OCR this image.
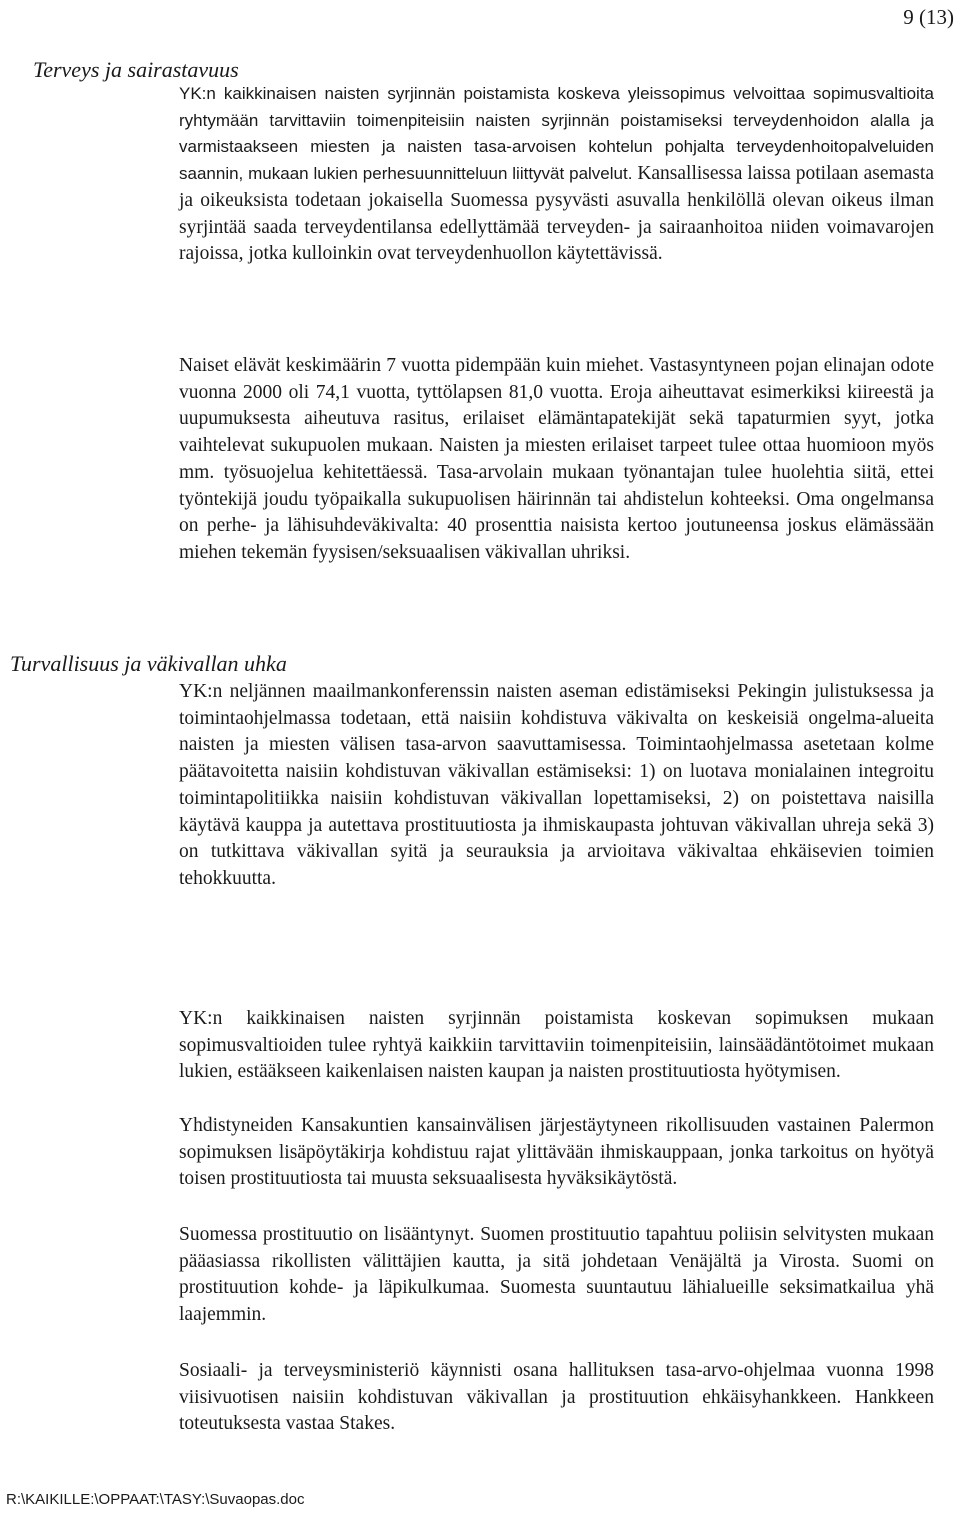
9 (13)
Terveys ja sairastavuus

YK:n kaikkinaisen naisten syrjinnän poistamista koskeva yleissopimus velvoittaa sopimusvaltioita ryhtymään tarvittaviin toimenpiteisiin naisten syrjinnän poistamiseksi terveydenhoidon alalla ja varmistaakseen miesten ja naisten tasa-arvoisen kohtelun pohjalta terveydenhoitopalveluiden saannin, mukaan lukien perhesuunnitteluun liittyvät palvelut. Kansallisessa laissa potilaan asemasta ja oikeuksista todetaan jokaisella Suomessa pysyvästi asuvalla henkilöllä olevan oikeus ilman syrjintää saada terveydentilansa edellyttämää terveyden- ja sairaanhoitoa niiden voimavarojen rajoissa, jotka kulloinkin ovat terveydenhuollon käytettävissä.

Naiset elävät keskimäärin 7 vuotta pidempään kuin miehet. Vastasyntyneen pojan elinajan odote vuonna 2000 oli 74,1 vuotta, tyttölapsen 81,0 vuotta. Eroja aiheuttavat esimerkiksi kiireestä ja uupumuksesta aiheutuva rasitus, erilaiset elämäntapatekijät sekä tapaturmien syyt, jotka vaihtelevat sukupuolen mukaan. Naisten ja miesten erilaiset tarpeet tulee ottaa huomioon myös mm. työsuojelua kehitettäessä. Tasa-arvolain mukaan työnantajan tulee huolehtia siitä, ettei työntekijä joudu työpaikalla sukupuolisen häirinnän tai ahdistelun kohteeksi. Oma ongelmansa on perhe- ja lähisuhdeväkivalta: 40 prosenttia naisista kertoo joutuneensa joskus elämässään miehen tekemän fyysisen/seksuaalisen väkivallan uhriksi.

Turvallisuus ja väkivallan uhka

YK:n neljännen maailmankonferenssin naisten aseman edistämiseksi Pekingin julistuksessa ja toimintaohjelmassa todetaan, että naisiin kohdistuva väkivalta on keskeisiä ongelma-alueita naisten ja miesten välisen tasa-arvon saavuttamisessa. Toimintaohjelmassa asetetaan kolme päätavoitetta naisiin kohdistuvan väkivallan estämiseksi: 1) on luotava monialainen integroitu toimintapolitiikka naisiin kohdistuvan väkivallan lopettamiseksi, 2) on poistettava naisilla käytävä kauppa ja autettava prostituutiosta ja ihmiskaupasta johtuvan väkivallan uhreja sekä 3) on tutkittava väkivallan syitä ja seurauksia ja arvioitava väkivaltaa ehkäisevien toimien tehokkuutta.

YK:n kaikkinaisen naisten syrjinnän poistamista koskevan sopimuksen mukaan sopimusvaltioiden tulee ryhtyä kaikkiin tarvittaviin toimenpiteisiin, lainsäädäntötoimet mukaan lukien, estääkseen kaikenlaisen naisten kaupan ja naisten prostituutiosta hyötymisen.

Yhdistyneiden Kansakuntien kansainvälisen järjestäytyneen rikollisuuden vastainen Palermon sopimuksen lisäpöytäkirja kohdistuu rajat ylittävään ihmiskauppaan, jonka tarkoitus on hyötyä toisen prostituutiosta tai muusta seksuaalisesta hyväksikäytöstä.

Suomessa prostituutio on lisääntynyt. Suomen prostituutio tapahtuu poliisin selvitysten mukaan pääasiassa rikollisten välittäjien kautta, ja sitä johdetaan Venäjältä ja Virosta. Suomi on prostituution kohde- ja läpikulkumaa. Suomesta suuntautuu lähialueille seksimatkailua yhä laajemmin.

Sosiaali- ja terveysministeriö käynnisti osana hallituksen tasa-arvo-ohjelmaa vuonna 1998 viisivuotisen naisiin kohdistuvan väkivallan ja prostituution ehkäisyhankkeen. Hankkeen toteutuksesta vastaa Stakes.

R:\KAIKILLE:\OPPAAT:\TASY:\Suvaopas.doc
